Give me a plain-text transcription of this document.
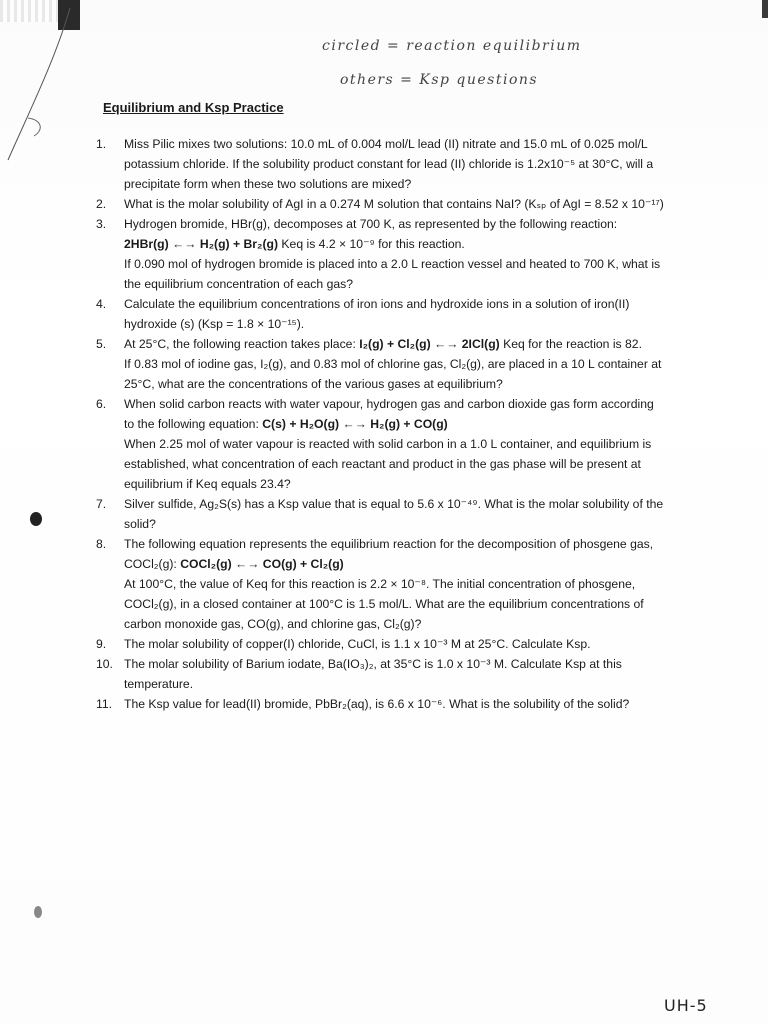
circled = reaction equilibrium
others = Ksp questions
Equilibrium and Ksp Practice
1.	Miss Pilic mixes two solutions: 10.0 mL of 0.004 mol/L lead (II) nitrate and 15.0 mL of 0.025 mol/L

potassium chloride. If the solubility product constant for lead (II) chloride is 1.2x10⁻⁵ at 30°C, will a

precipitate form when these two solutions are mixed?

2.	What is the molar solubility of AgI in a 0.274 M solution that contains NaI? (Kₛₚ of AgI = 8.52 x 10⁻¹⁷)

3.	Hydrogen bromide, HBr(g), decomposes at 700 K, as represented by the following reaction:

2HBr(g) ←→ H₂(g) + Br₂(g) Keq is 4.2 × 10⁻⁹ for this reaction.

If 0.090 mol of hydrogen bromide is placed into a 2.0 L reaction vessel and heated to 700 K, what is

the equilibrium concentration of each gas?

4.	Calculate the equilibrium concentrations of iron ions and hydroxide ions in a solution of iron(II)

hydroxide (s) (Ksp = 1.8 × 10⁻¹⁵).

5.	At 25°C, the following reaction takes place: I₂(g) + Cl₂(g) ←→ 2ICl(g) Keq for the reaction is 82.

If 0.83 mol of iodine gas, I₂(g), and 0.83 mol of chlorine gas, Cl₂(g), are placed in a 10 L container at

25°C, what are the concentrations of the various gases at equilibrium?

6.	When solid carbon reacts with water vapour, hydrogen gas and carbon dioxide gas form according

to the following equation: C(s) + H₂O(g) ←→ H₂(g) + CO(g)

When 2.25 mol of water vapour is reacted with solid carbon in a 1.0 L container, and equilibrium is

established, what concentration of each reactant and product in the gas phase will be present at

equilibrium if Keq equals 23.4?

7.	Silver sulfide, Ag₂S(s) has a Ksp value that is equal to 5.6 x 10⁻⁴⁹. What is the molar solubility of the

solid?

8.	The following equation represents the equilibrium reaction for the decomposition of phosgene gas,

COCl₂(g): COCl₂(g) ←→ CO(g) + Cl₂(g)

At 100°C, the value of Keq for this reaction is 2.2 × 10⁻⁸. The initial concentration of phosgene,

COCl₂(g), in a closed container at 100°C is 1.5 mol/L. What are the equilibrium concentrations of

carbon monoxide gas, CO(g), and chlorine gas, Cl₂(g)?

9.	The molar solubility of copper(I) chloride, CuCl, is 1.1 x 10⁻³ M at 25°C. Calculate Ksp.

10. The molar solubility of Barium iodate, Ba(IO₃)₂, at 35°C is 1.0 x 10⁻³ M. Calculate Ksp at this

temperature.

11. The Ksp value for lead(II) bromide, PbBr₂(aq), is 6.6 x 10⁻⁶. What is the solubility of the solid?

UH-5
